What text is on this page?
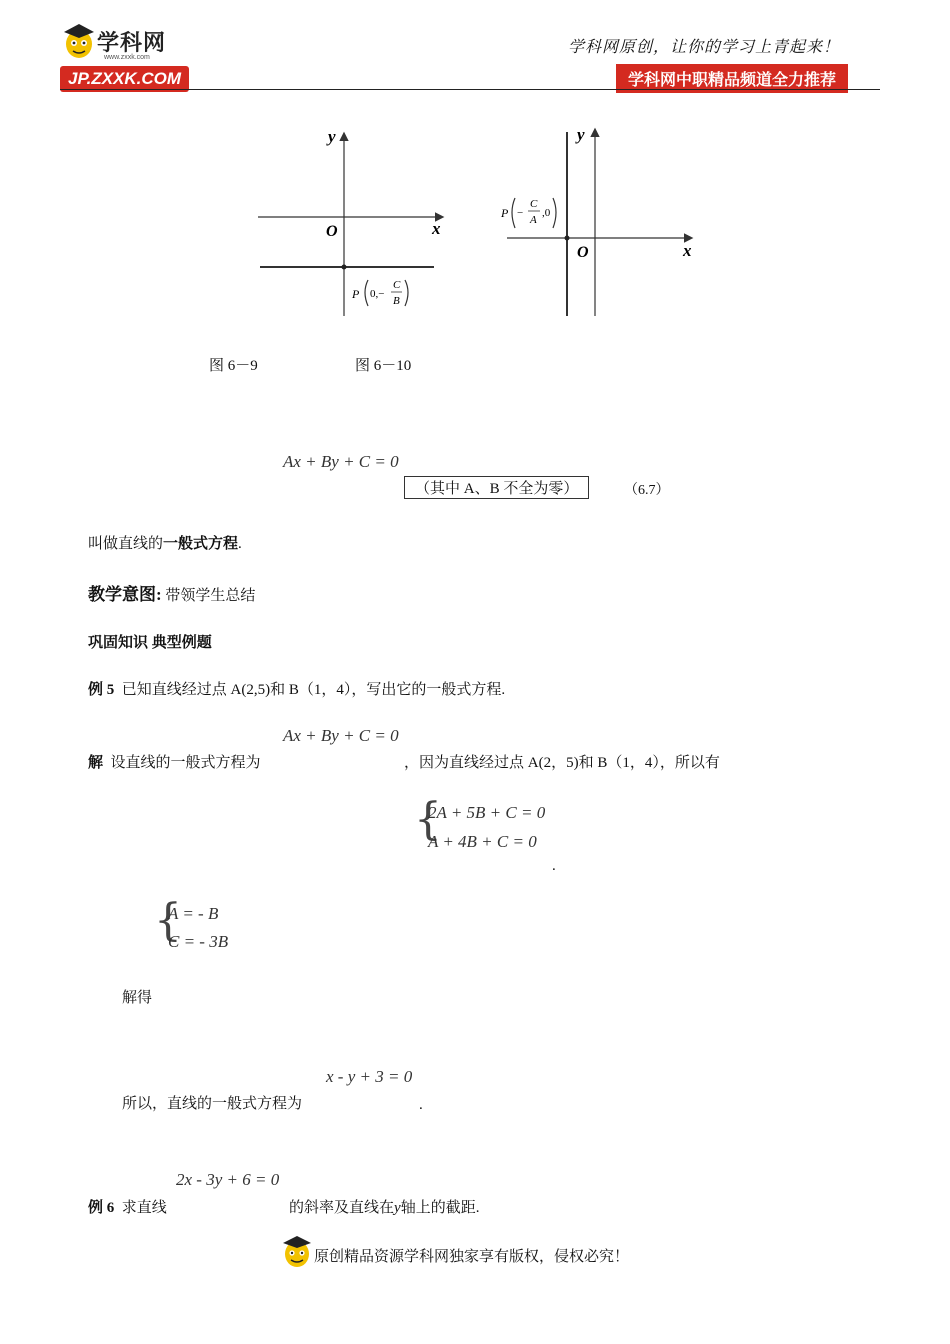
学科网
www.zxxk.com
JP.ZXXK.COM
学科网原创，让你的学习上青起来！
学科网中职精品频道全力推荐
y
x
O
P 0,−
C
B
y
x
O
P −
C
A
,0
图 6－9	图 6－10
Ax + By + C = 0
（其中 A、B 不全为零）	（6.7）
叫做直线的一般式方程.
教学意图: 带领学生总结
巩固知识 典型例题
例 5 已知直线经过点 A(2,5)和 B（1，4），写出它的一般式方程.
Ax + By + C = 0
解 设直线的一般式方程为	，因为直线经过点 A(2，5)和 B（1，4），所以有
{
2A + 5B + C = 0
A + 4B + C = 0
.
{
A = - B
C = - 3B
解得
x - y + 3 = 0
所以，直线的一般式方程为	.
2x - 3y + 6 = 0
例 6 求直线	的斜率及直线在y轴上的截距.
原创精品资源学科网独家享有版权，侵权必究！
